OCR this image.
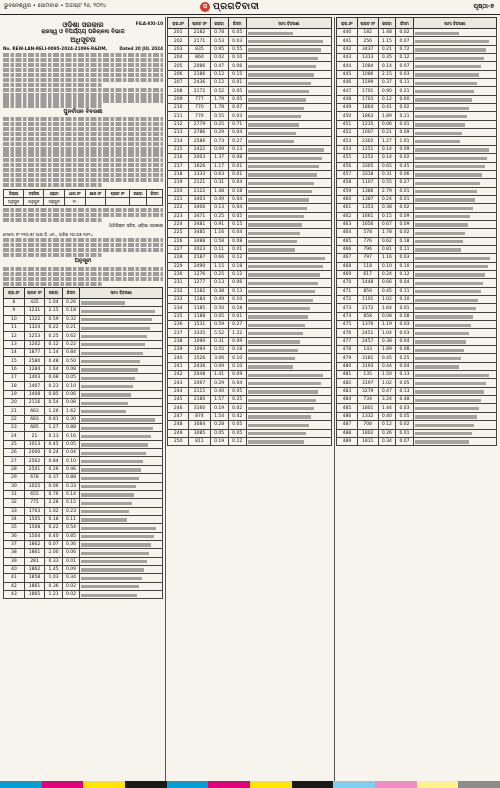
ଭୁବନେଶ୍ୱର • ସୋମବାର • ଅଗଷ୍ଟ ୨୬, ୨୦୨୪	ସ ପ୍ରଗତିବାଦୀ	ପୃଷ୍ଠା-୭
FILA-XXI-10
ଓଡ଼ିଶା ସରକାର
ରାଜସ୍ୱ ଓ ବିପର୍ଯ୍ୟୟ ପରିଚାଳନା ବିଭାଗ
ଅଧିସୂଚନା
No. REW-LAN-RELI-0095-2024-21096-R&DM,	Dated 20 JUL 2024
ପୁନର୍ବାସନ ବିବରଣୀ
ଜିଲ୍ଲା	ତହସିଲ	ଗ୍ରାମ	ଥାନା ନଂ	ଖାତା ନଂ	ପ୍ଲଟ ନଂ	ରକବା	କିସମ
ଅନୁଗୁଳ	ଅନୁଗୁଳ	ଅନୁଗୁଳ	୧୯				
ଅତିରିକ୍ତ ସଚିବ, ଓଡ଼ିଶା ସରକାର
ମେମୋ ନଂ ୨୧୦୯୭/ ଆର.ଡି.ଏମ., ତାରିଖ ୨୦.୦୭.୨୦୨୪
ଅନୁସୂଚୀ
କ୍ର.ନଂ	ପ୍ଲଟ ନଂ	ରକବା	କିସମ	ସୀମା ବିବରଣୀ
8	435	1.04	0.26	
9	1231	2.15	0.18	
10	1322	0.59	0.32	
11	1324	0.22	0.21	
12	1253	0.25	0.62	
13	1202	0.12	0.22	
14	1877	1.14	0.84	
15	2580	0.48	0.50	
16	1284	1.64	0.08	
17	1403	0.68	0.05	
18	1407	0.23	0.10	
19	1408	0.85	0.06	
20	2116	0.54	0.08	
21	663	1.26	1.62	
22	683	0.81	0.30	
23	685	1.27	0.88	
24	21	0.13	0.16	
25	1013	0.45	0.05	
26	2000	0.24	0.04	
27	2562	0.84	0.10	
28	2501	0.26	0.46	
29	678	0.37	0.88	
30	1025	0.06	0.33	
31	655	0.76	0.14	
32	775	2.28	0.15	
33	1703	1.02	0.23	
34	1505	0.18	0.11	
35	1508	0.22	0.54	
36	1504	0.40	0.85	
37	1862	0.07	0.36	
38	1861	2.00	0.06	
39	281	0.33	0.01	
40	1862	1.45	0.09	
41	1858	1.03	0.34	
42	1861	0.36	0.02	
43	1865	1.21	0.02	
କ୍ର.ନଂ	ପ୍ଲଟ ନଂ	ରକବା	କିସମ	ସୀମା ବିବରଣୀ
201	2182	0.78	0.05	
202	2171	0.53	0.03	
203	835	0.95	0.55	
204	860	0.02	0.10	
205	2086	0.47	0.06	
206	2186	0.12	0.15	
207	2436	0.12	0.01	
208	2172	0.52	0.05	
209	777	1.79	0.05	
210	770	1.78	0.07	
211	776	0.55	0.03	
212	2779	0.25	0.71	
213	2786	0.29	0.04	
214	2586	0.73	0.27	
215	2422	0.09	0.13	
216	2003	1.37	0.08	
217	1626	1.17	0.01	
218	1333	0.63	0.01	
219	2121	0.31	0.04	
220	2122	1.48	0.18	
221	3403	0.49	0.04	
222	3406	0.13	0.04	
223	3471	0.25	0.05	
224	3481	0.91	0.15	
225	3485	1.16	0.04	
226	3488	0.58	0.08	
227	2023	0.11	0.01	
228	2187	0.66	0.12	
229	2490	1.15	0.18	
230	1276	0.25	0.12	
231	1277	0.13	0.06	
232	1182	0.38	0.13	
233	1184	0.49	0.10	
234	1185	0.50	0.18	
235	1188	0.05	0.01	
236	1531	0.59	0.27	
237	3335	5.52	1.22	
238	1090	0.31	0.09	
239	1094	0.55	0.18	
240	1526	3.06	0.10	
241	2436	0.09	0.10	
242	2048	1.41	0.09	
243	2067	0.29	0.04	
244	2115	0.40	0.05	
245	2180	1.57	0.25	
246	3160	0.19	0.02	
247	874	1.54	0.42	
248	3084	0.28	0.05	
249	3085	0.05	0.05	
250	811	0.19	0.12	
କ୍ର.ନଂ	ପ୍ଲଟ ନଂ	ରକବା	କିସମ	ସୀମା ବିବରଣୀ
440	182	1.48	0.02	
441	256	1.15	0.07	
442	3437	0.21	0.72	
443	1313	0.35	0.12	
444	1084	0.14	0.07	
445	1086	2.15	0.03	
446	1599	0.37	0.11	
447	1701	0.90	0.21	
448	1703	0.12	0.60	
449	1864	0.41	0.02	
450	1863	1.89	0.11	
451	1235	0.06	0.01	
452	1007	0.21	0.09	
453	2302	1.27	1.01	
454	1251	0.14	0.09	
455	1252	0.14	0.02	
456	3305	0.65	0.45	
457	3318	0.31	0.06	
458	1107	0.55	0.27	
459	1386	2.79	0.01	
460	1387	0.24	0.01	
461	1353	0.38	0.02	
462	1661	0.15	0.09	
463	1656	0.67	0.09	
464	578	1.78	0.02	
465	776	0.62	0.18	
466	796	0.81	0.11	
467	797	1.16	0.03	
468	118	0.10	0.10	
469	617	0.24	0.12	
470	1448	0.66	0.04	
471	859	0.45	0.11	
472	1101	1.02	0.10	
473	2172	1.64	0.01	
474	858	0.08	0.08	
475	1376	1.19	0.03	
476	2451	1.04	0.03	
477	2457	0.38	0.04	
478	143	1.89	0.08	
479	3181	0.45	0.25	
480	3193	0.44	0.04	
481	135	1.50	0.13	
482	3197	1.02	0.05	
483	3279	0.47	0.13	
484	734	3.24	0.48	
485	1801	1.44	0.03	
486	1332	0.40	0.05	
487	708	0.12	0.02	
488	1802	0.26	0.01	
489	1811	0.34	0.07	
